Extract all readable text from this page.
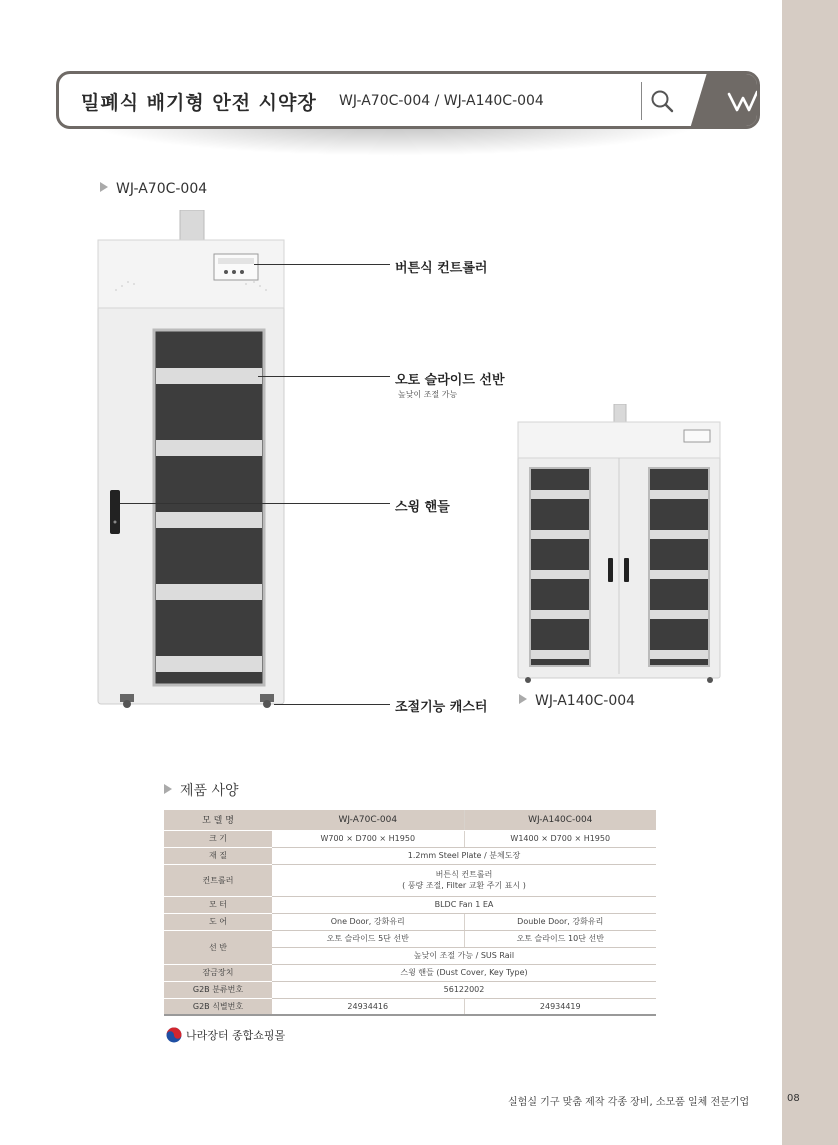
밀폐식 배기형 안전 시약장 WJ-A70C-004 / WJ-A140C-004
WJ-A70C-004
버튼식 컨트롤러
오토 슬라이드 선반
높낮이 조절 가능
스윙 핸들
조절기능 캐스터	WJ-A140C-004
제품 사양
모 델 명	WJ-A70C-004	WJ-A140C-004
크 기	W700 × D700 × H1950	W1400 × D700 × H1950
재 질	1.2mm Steel Plate / 분체도장	
컨트롤러	버튼식 컨트롤러
( 풍량 조절, Filter 교환 주기 표시 )	

모 터	BLDC Fan 1 EA	
도 어	One Door, 강화유리	Double Door, 강화유리
선 반	오토 슬라이드 5단 선반	오토 슬라이드 10단 선반
	높낮이 조절 가능 / SUS Rail	
잠금장치	스윙 핸들 (Dust Cover, Key Type)	
G2B 분류번호	56122002	
G2B 식별번호	24934416	24934419
나라장터 종합쇼핑몰
실험실 기구 맞춤 제작 각종 장비, 소모품 일체 전문기업	08
